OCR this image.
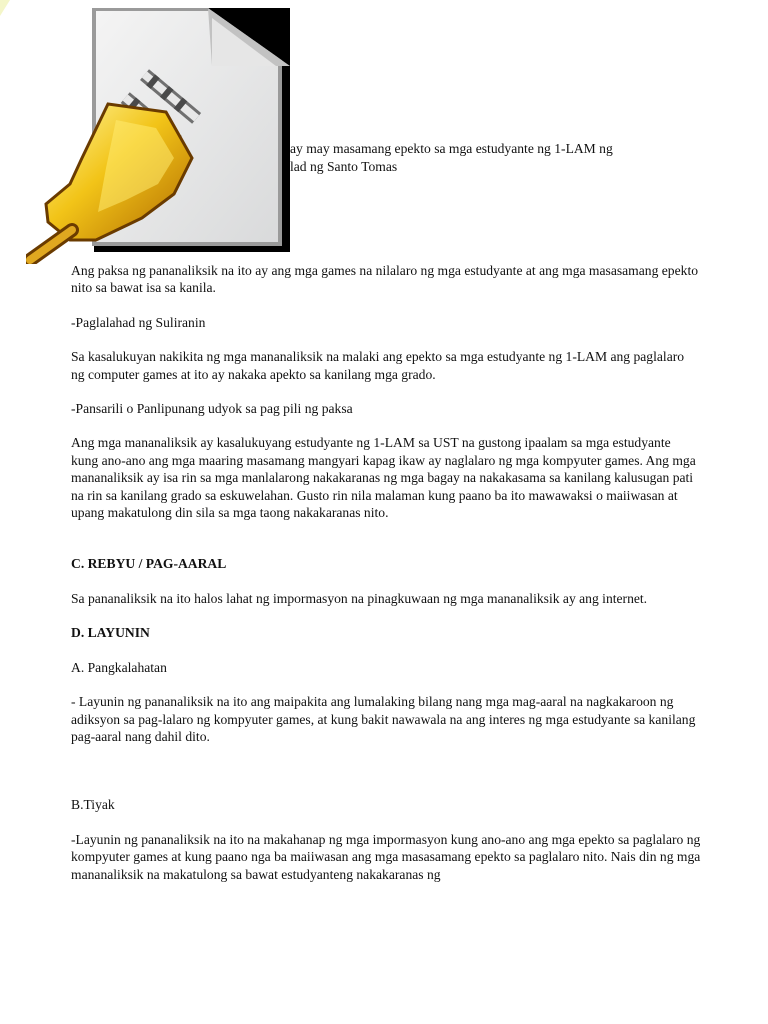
ay may masamang epekto sa mga estudyante ng 1-LAM ng
lad ng Santo Tomas

Ang paksa ng pananaliksik na ito ay ang mga games na nilalaro ng mga estudyante at ang mga masasamang epekto nito sa bawat isa sa kanila.

-Paglalahad ng Suliranin

Sa kasalukuyan nakikita ng mga mananaliksik na malaki ang epekto sa mga estudyante ng 1-LAM ang paglalaro ng computer games at ito ay nakaka apekto sa kanilang mga grado.

-Pansarili o Panlipunang udyok sa pag pili ng paksa

Ang mga mananaliksik ay kasalukuyang estudyante ng 1-LAM sa UST na gustong ipaalam sa mga estudyante kung ano-ano ang mga maaring masamang mangyari kapag ikaw ay naglalaro ng mga kompyuter games. Ang mga mananaliksik ay isa rin sa mga manlalarong nakakaranas ng mga bagay na nakakasama sa kanilang kalusugan pati na rin sa kanilang grado sa eskuwelahan. Gusto rin nila malaman kung paano ba ito mawawaksi o maiiwasan at upang makatulong din sila sa mga taong nakakaranas nito.

C. REBYU / PAG-AARAL

Sa pananaliksik na ito halos lahat ng impormasyon na pinagkuwaan ng mga mananaliksik ay ang internet.

D. LAYUNIN

A. Pangkalahatan

- Layunin ng pananaliksik na ito ang maipakita ang lumalaking bilang nang mga mag-aaral na nagkakaroon ng adiksyon sa pag-lalaro ng kompyuter games, at kung bakit nawawala na ang interes ng mga estudyante sa kanilang pag-aaral nang dahil dito.

B.Tiyak

-Layunin ng pananaliksik na ito na makahanap ng mga impormasyon kung ano-ano ang mga epekto sa paglalaro ng kompyuter games at kung paano nga ba maiiwasan ang mga masasamang epekto sa paglalaro nito. Nais din ng mga mananaliksik na makatulong sa bawat estudyanteng nakakaranas ng
